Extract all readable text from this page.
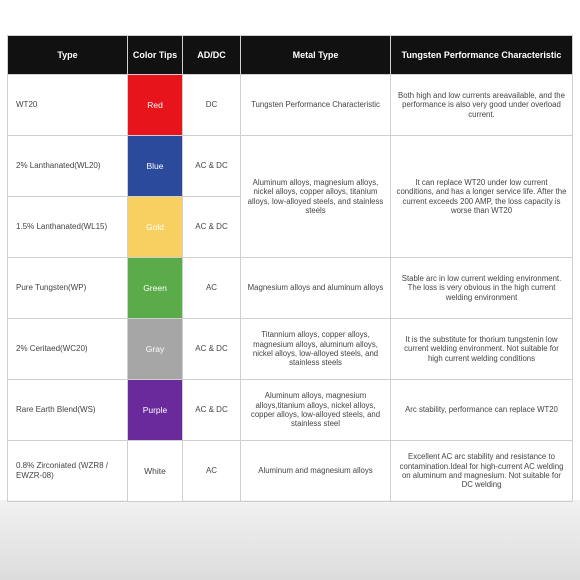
Type	Color Tips	AD/DC	Metal Type	Tungsten Performance Characteristic
WT20	Red	DC	Tungsten Performance Characteristic	Both high and low currents areavailable, and the performance is also very good under overload current.
2% Lanthanated(WL20)	Blue	AC & DC	Aluminum alloys, magnesium alloys, nickel alloys, copper alloys, titanium alloys, low-alloyed steels, and stainless steels	It can replace WT20 under low current conditions, and has a longer service life. After the current exceeds 200 AMP, the loss capacity is worse than WT20
1.5% Lanthanated(WL15)	Gold	AC & DC		
Pure Tungsten(WP)	Green	AC	Magnesium alloys and aluminum alloys	Stable arc in low current welding environment. The loss is very obvious in the high current welding environment
2% Ceritaed(WC20)	Gray	AC & DC	Titannium alloys, copper alloys, magnesium alloys, aluminum alloys, nickel alloys, low-alloyed steels, and stainless steels	It is the substitute for thorium tungstenin low current welding environment. Not suitable for high current welding conditions
Rare Earth Blend(WS)	Purple	AC & DC	Aluminum alloys, magnesium alloys,titanium alloys, nickel alloys, copper alloys, low-alloyed steels, and stainless steel	Arc stability, performance can replace WT20
0.8% Zirconiated (WZR8 / EWZR-08)	White	AC	Aluminum and magnesium alloys	Excellent AC arc stability and resistance to contamination.Ideal for high-current AC welding on aluminum and magnesium. Not suitable for DC welding
